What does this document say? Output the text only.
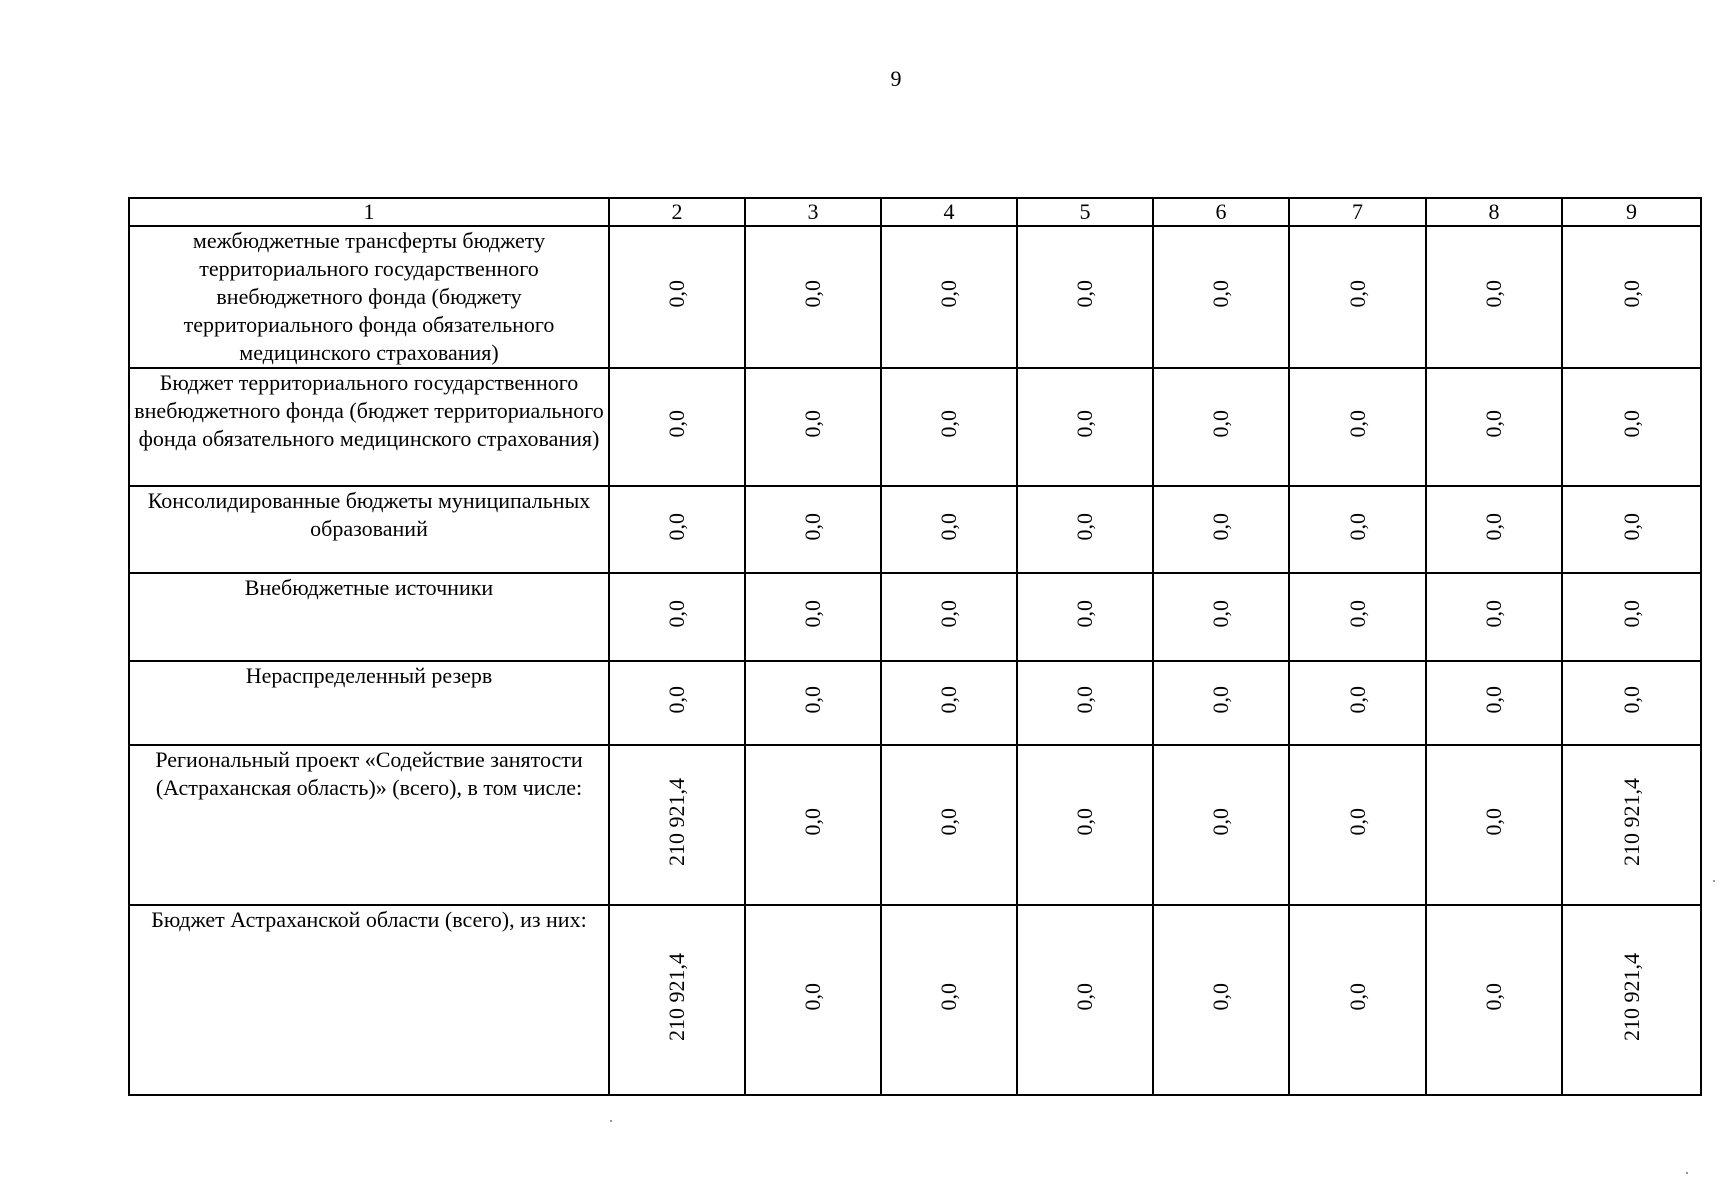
9
1	2	3	4	5	6	7	8	9
межбюджетные трансферты бюджету территориального государственного внебюджетного фонда (бюджету территориального фонда обязательного медицинского страхования)	0,0	0,0	0,0	0,0	0,0	0,0	0,0	0,0
Бюджет территориального государственного внебюджетного фонда (бюджет территориального фонда обязательного медицинского страхования)	0,0	0,0	0,0	0,0	0,0	0,0	0,0	0,0
Консолидированные бюджеты муниципальных образований	0,0	0,0	0,0	0,0	0,0	0,0	0,0	0,0
Внебюджетные источники	0,0	0,0	0,0	0,0	0,0	0,0	0,0	0,0
Нераспределенный резерв	0,0	0,0	0,0	0,0	0,0	0,0	0,0	0,0
Региональный проект «Содействие занятости (Астраханская область)» (всего), в том числе:	210 921,4	0,0	0,0	0,0	0,0	0,0	0,0	210 921,4
Бюджет Астраханской области (всего), из них:	210 921,4	0,0	0,0	0,0	0,0	0,0	0,0	210 921,4
